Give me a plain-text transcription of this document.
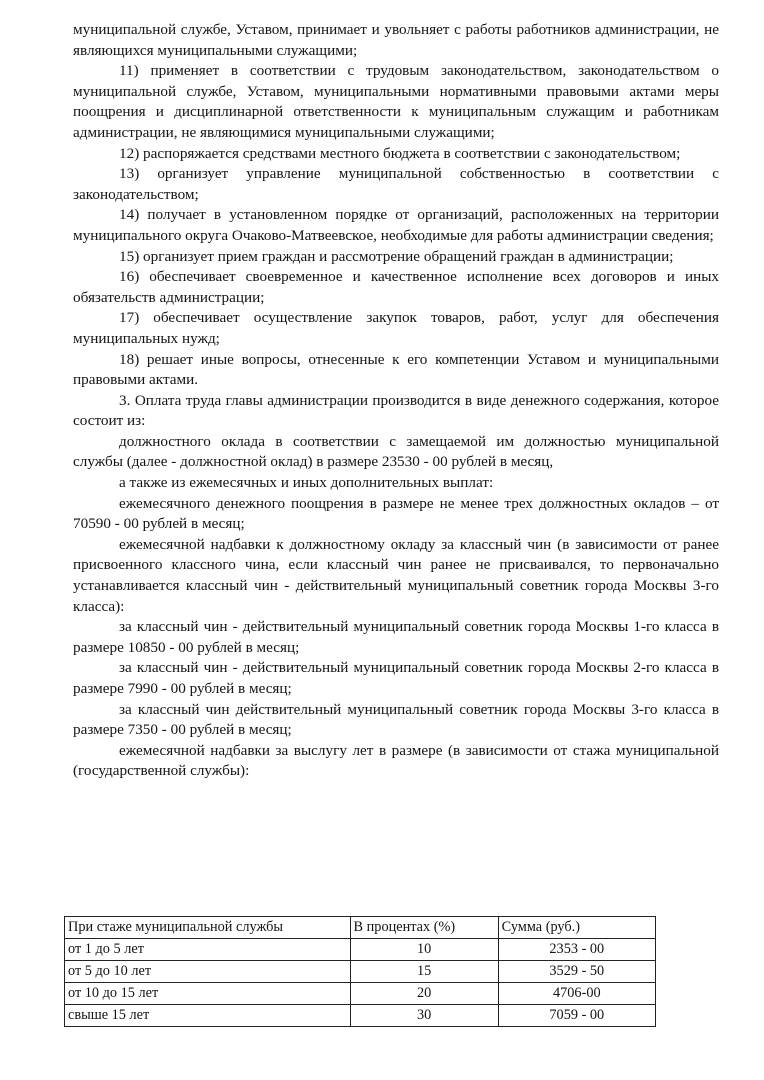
муниципальной службе, Уставом, принимает и увольняет с работы работников администрации, не являющихся муниципальными служащими;

11) применяет в соответствии с трудовым законодательством, законодательством о муниципальной службе, Уставом, муниципальными нормативными правовыми актами меры поощрения и дисциплинарной ответственности к муниципальным служащим и работникам администрации, не являющимися муниципальными служащими;

12) распоряжается средствами местного бюджета в соответствии с законодательством;

13) организует управление муниципальной собственностью в соответствии с законодательством;

14) получает в установленном порядке от организаций, расположенных на территории муниципального округа Очаково-Матвеевское, необходимые для работы администрации сведения;

15) организует прием граждан и рассмотрение обращений граждан в администрации;

16) обеспечивает своевременное и качественное исполнение всех договоров и иных обязательств администрации;

17) обеспечивает осуществление закупок товаров, работ, услуг для обеспечения муниципальных нужд;

18) решает иные вопросы, отнесенные к его компетенции Уставом и муниципальными правовыми актами.

3. Оплата труда главы администрации производится в виде денежного содержания, которое состоит из:

должностного оклада в соответствии с замещаемой им должностью муниципальной службы (далее - должностной оклад) в размере 23530 - 00 рублей в месяц,

а также из ежемесячных и иных дополнительных выплат:

ежемесячного денежного поощрения в размере не менее трех должностных окладов – от 70590 - 00 рублей в месяц;

ежемесячной надбавки к должностному окладу за классный чин (в зависимости от ранее присвоенного классного чина, если классный чин ранее не присваивался, то первоначально устанавливается классный чин - действительный муниципальный советник города Москвы 3-го класса):

за классный чин - действительный муниципальный советник города Москвы 1-го класса в размере 10850 - 00 рублей в месяц;

за классный чин - действительный муниципальный советник города Москвы 2-го класса в размере 7990 - 00 рублей в месяц;

за классный чин действительный муниципальный советник города Москвы 3-го класса в размере 7350 - 00 рублей в месяц;

ежемесячной надбавки за выслугу лет в размере (в зависимости от стажа муниципальной (государственной службы):

При стаже муниципальной службы	В процентах (%)	Сумма (руб.)
от 1 до 5 лет	10	2353 - 00
от 5 до 10 лет	15	3529 - 50
от 10 до 15 лет	20	4706-00
свыше 15 лет	30	7059 - 00
